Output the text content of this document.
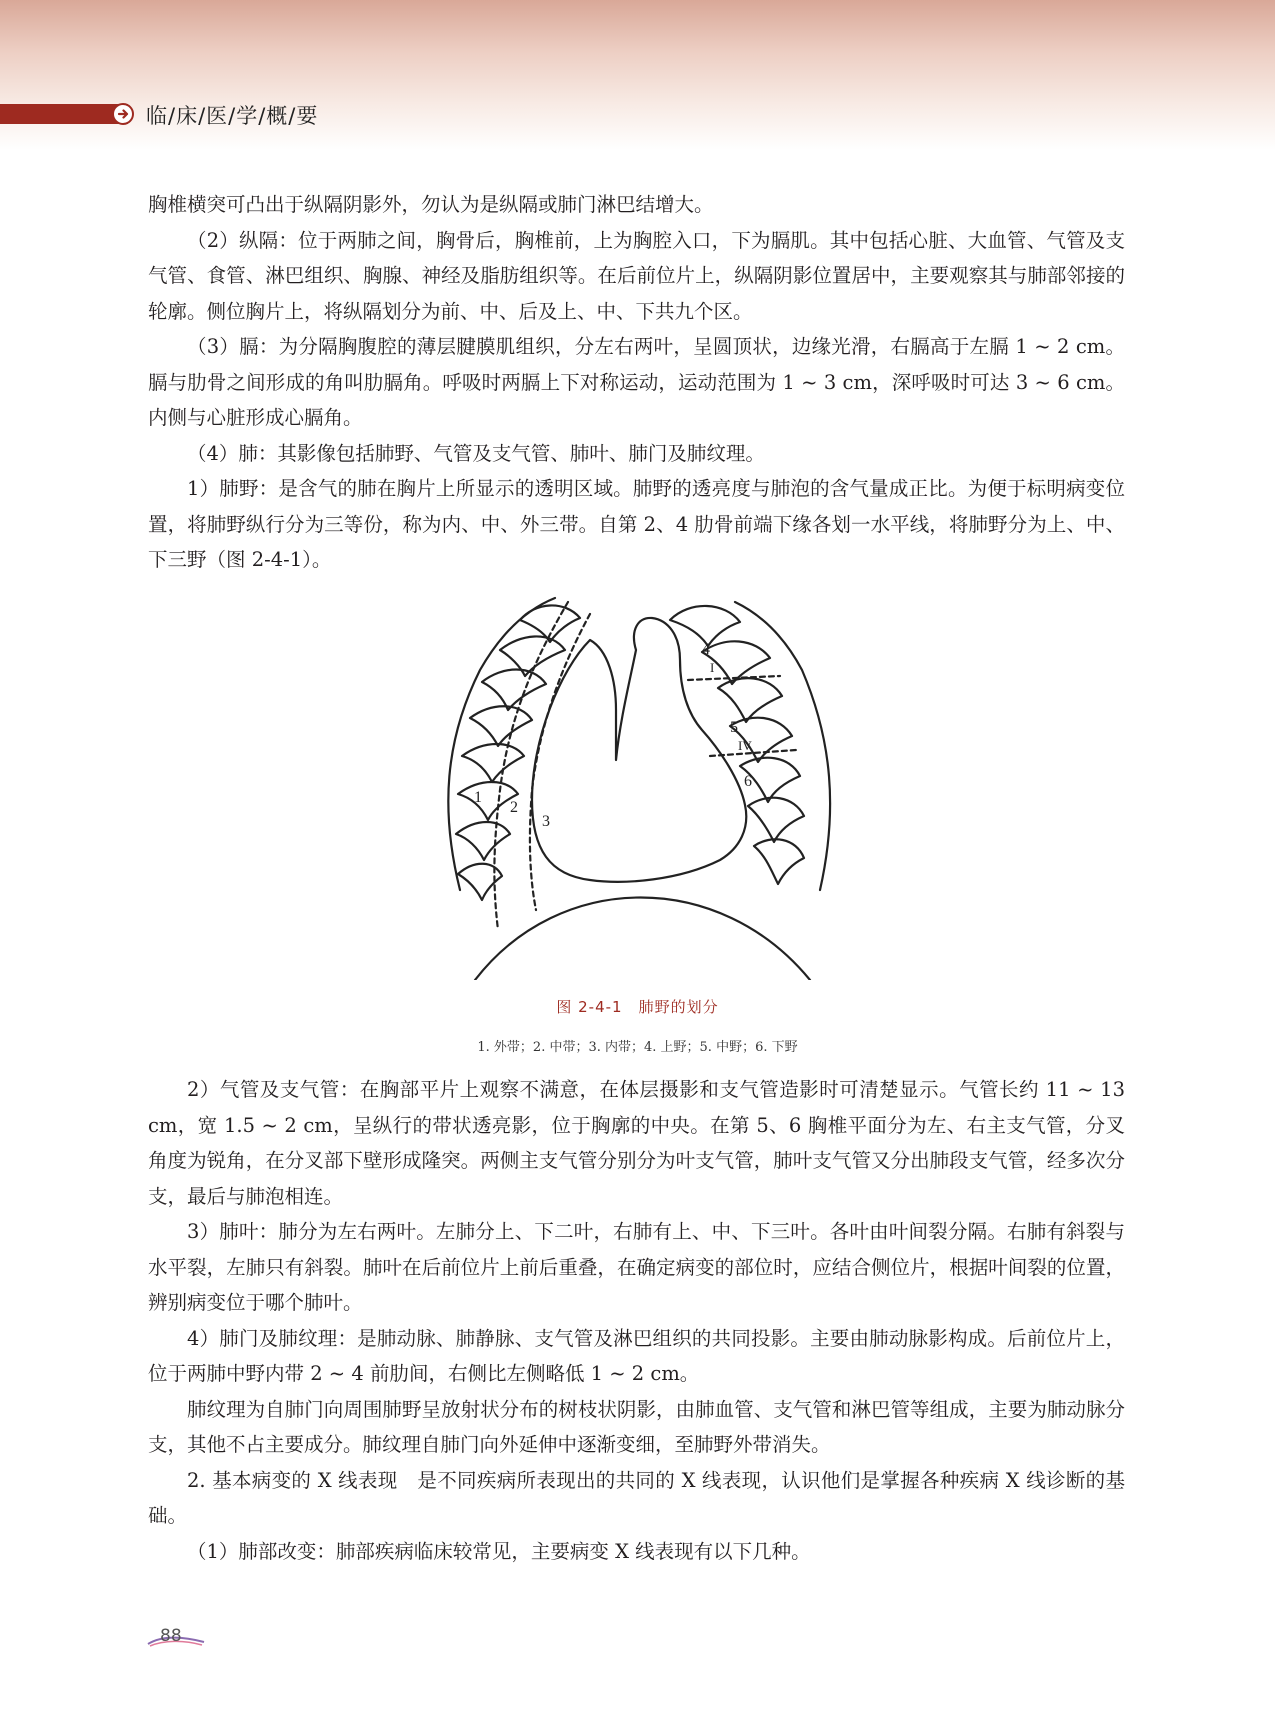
临/床/医/学/概/要

胸椎横突可凸出于纵隔阴影外，勿认为是纵隔或肺门淋巴结增大。

（2）纵隔：位于两肺之间，胸骨后，胸椎前，上为胸腔入口，下为膈肌。其中包括心脏、大血管、气管及支气管、食管、淋巴组织、胸腺、神经及脂肪组织等。在后前位片上，纵隔阴影位置居中，主要观察其与肺部邻接的轮廓。侧位胸片上，将纵隔划分为前、中、后及上、中、下共九个区。

（3）膈：为分隔胸腹腔的薄层腱膜肌组织，分左右两叶，呈圆顶状，边缘光滑，右膈高于左膈 1 ~ 2 cm。膈与肋骨之间形成的角叫肋膈角。呼吸时两膈上下对称运动，运动范围为 1 ~ 3 cm，深呼吸时可达 3 ~ 6 cm。内侧与心脏形成心膈角。

（4）肺：其影像包括肺野、气管及支气管、肺叶、肺门及肺纹理。

1）肺野：是含气的肺在胸片上所显示的透明区域。肺野的透亮度与肺泡的含气量成正比。为便于标明病变位置，将肺野纵行分为三等份，称为内、中、外三带。自第 2、4 肋骨前端下缘各划一水平线，将肺野分为上、中、下三野（图 2-4-1）。

1
2
3
4
I
5
IV
6
图 2-4-1　肺野的划分
1. 外带；2. 中带；3. 内带；4. 上野；5. 中野；6. 下野

2）气管及支气管：在胸部平片上观察不满意，在体层摄影和支气管造影时可清楚显示。气管长约 11 ~ 13 cm，宽 1.5 ~ 2 cm，呈纵行的带状透亮影，位于胸廓的中央。在第 5、6 胸椎平面分为左、右主支气管，分叉角度为锐角，在分叉部下壁形成隆突。两侧主支气管分别分为叶支气管，肺叶支气管又分出肺段支气管，经多次分支，最后与肺泡相连。

3）肺叶：肺分为左右两叶。左肺分上、下二叶，右肺有上、中、下三叶。各叶由叶间裂分隔。右肺有斜裂与水平裂，左肺只有斜裂。肺叶在后前位片上前后重叠，在确定病变的部位时，应结合侧位片，根据叶间裂的位置，辨别病变位于哪个肺叶。

4）肺门及肺纹理：是肺动脉、肺静脉、支气管及淋巴组织的共同投影。主要由肺动脉影构成。后前位片上，位于两肺中野内带 2 ~ 4 前肋间，右侧比左侧略低 1 ~ 2 cm。

肺纹理为自肺门向周围肺野呈放射状分布的树枝状阴影，由肺血管、支气管和淋巴管等组成，主要为肺动脉分支，其他不占主要成分。肺纹理自肺门向外延伸中逐渐变细，至肺野外带消失。

2. 基本病变的 X 线表现　是不同疾病所表现出的共同的 X 线表现，认识他们是掌握各种疾病 X 线诊断的基础。

（1）肺部改变：肺部疾病临床较常见，主要病变 X 线表现有以下几种。

88
